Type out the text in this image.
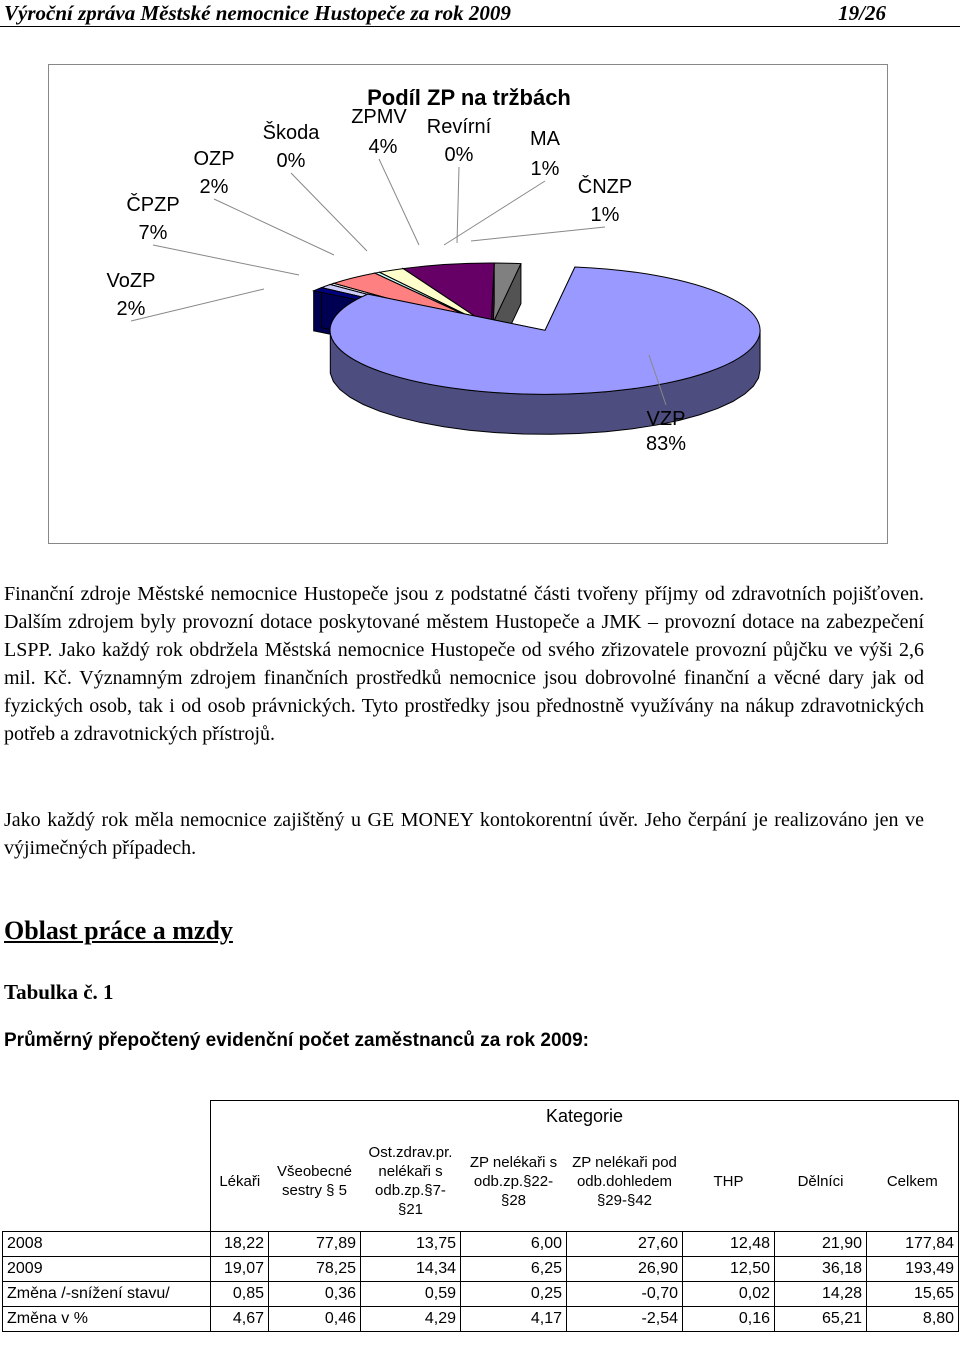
Výroční zpráva Městské nemocnice Hustopeče za rok 2009	19/26
Podíl ZP na tržbách
VZP
83%
ČNZP
1%
MA
1%
Revírní
0%
ZPMV
4%
Škoda
0%
OZP
2%
ČPZP
7%
VoZP
2%
Finanční zdroje Městské nemocnice Hustopeče jsou z podstatné části tvořeny příjmy od zdravotních pojišťoven. Dalším zdrojem byly provozní dotace poskytované městem Hustopeče a JMK – provozní dotace na zabezpečení LSPP. Jako každý rok obdržela Městská nemocnice Hustopeče od svého zřizovatele provozní půjčku ve výši 2,6 mil. Kč. Významným zdrojem finančních prostředků nemocnice jsou dobrovolné finanční a věcné dary jak od fyzických osob, tak i od osob právnických. Tyto prostředky jsou přednostně využívány na nákup zdravotnických potřeb a zdravotnických přístrojů.
Jako každý rok měla nemocnice zajištěný u GE MONEY kontokorentní úvěr. Jeho čerpání je realizováno jen ve výjimečných případech.
Oblast práce a mzdy
Tabulka č. 1
Průměrný přepočtený evidenční počet zaměstnanců za rok 2009:
	Kategorie							
	Lékaři	Všeobecné sestry § 5	Ost.zdrav.pr. nelékaři s odb.zp.§7-§21	ZP nelékaři s odb.zp.§22-§28	ZP nelékaři pod odb.dohledem §29-§42	THP	Dělníci	Celkem
2008	18,22	77,89	13,75	6,00	27,60	12,48	21,90	177,84
2009	19,07	78,25	14,34	6,25	26,90	12,50	36,18	193,49
Změna /-snížení stavu/	0,85	0,36	0,59	0,25	-0,70	0,02	14,28	15,65
Změna v %	4,67	0,46	4,29	4,17	-2,54	0,16	65,21	8,80
